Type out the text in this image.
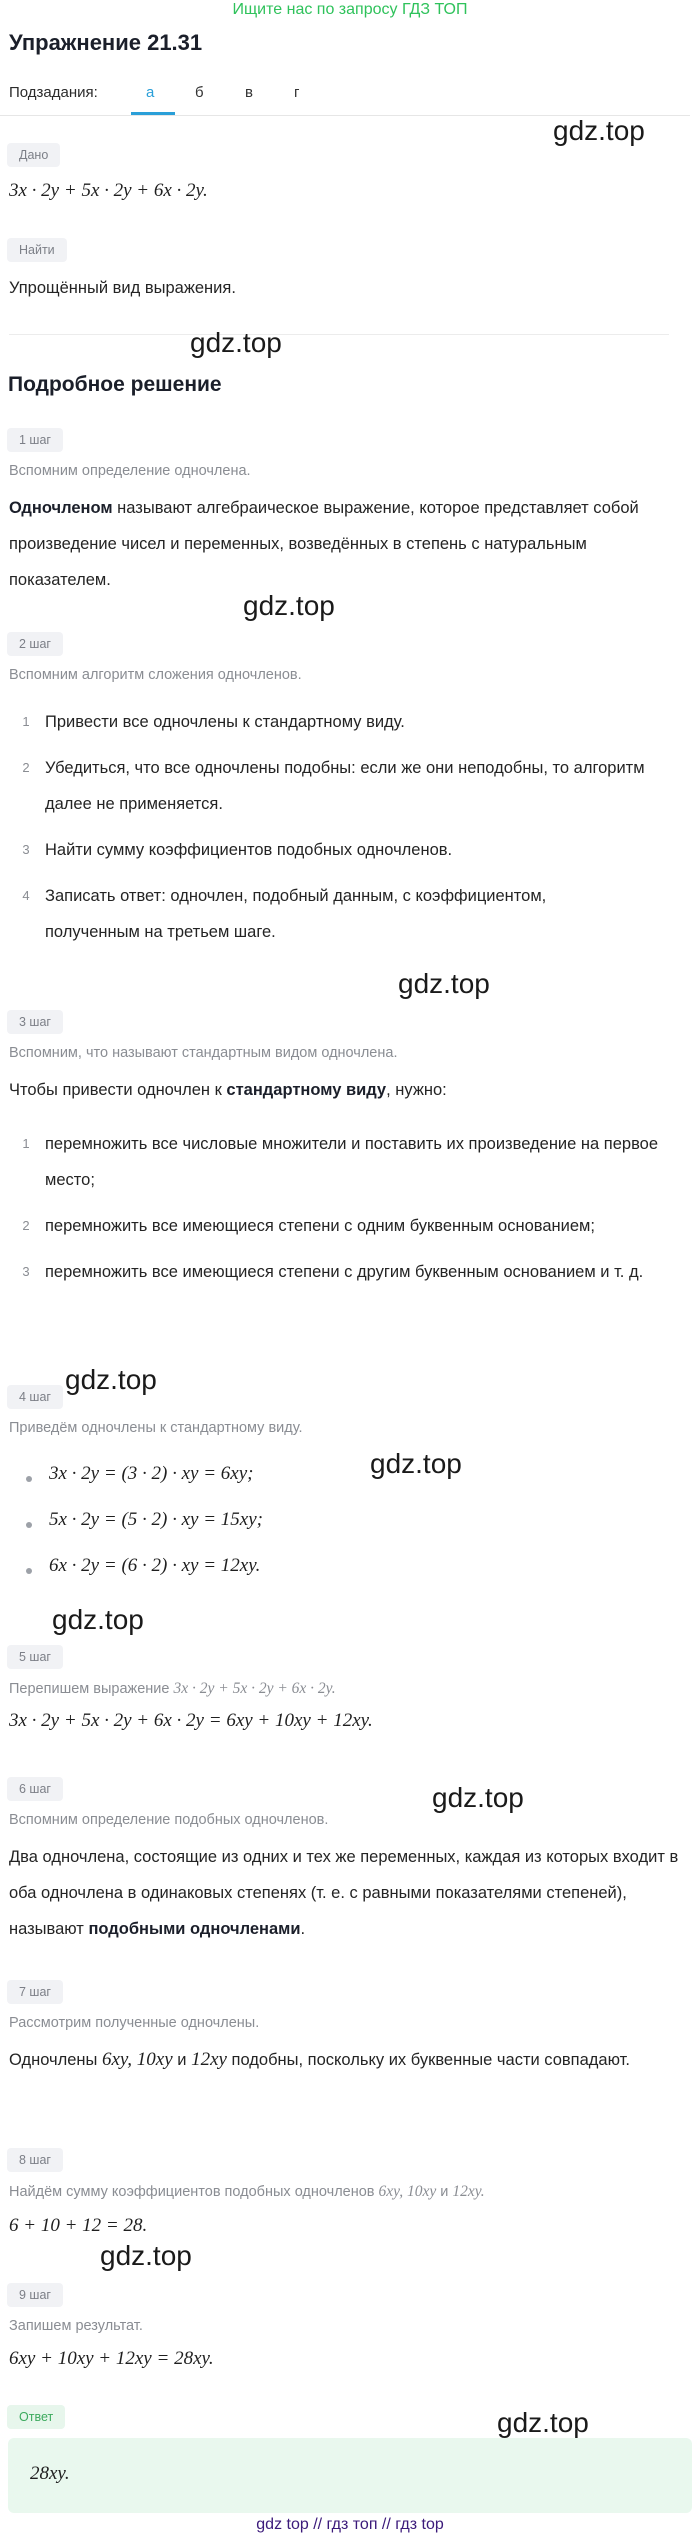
Ищите нас по запросу ГДЗ ТОП
Упражнение 21.31
Подзадания:	а	б	в	г
Дано
3x · 2y + 5x · 2y + 6x · 2y.
Найти
Упрощённый вид выражения.
gdz.top
gdz.top
Подробное решение
1 шаг
Вспомним определение одночлена.
Одночленом называют алгебраическое выражение, которое представляет собой произведение чисел и переменных, возведённых в степень с натуральным показателем.
gdz.top
2 шаг
Вспомним алгоритм сложения одночленов.
1 Привести все одночлены к стандартному виду.
2 Убедиться, что все одночлены подобны: если же они неподобны, то алгоритм далее не применяется.
3 Найти сумму коэффициентов подобных одночленов.
4 Записать ответ: одночлен, подобный данным, с коэффициентом, полученным на третьем шаге.
gdz.top
3 шаг
Вспомним, что называют стандартным видом одночлена.
Чтобы привести одночлен к стандартному виду, нужно:
1 перемножить все числовые множители и поставить их произведение на первое место;
2 перемножить все имеющиеся степени с одним буквенным основанием;
3 перемножить все имеющиеся степени с другим буквенным основанием и т. д.
gdz.top
4 шаг
Приведём одночлены к стандартному виду.
gdz.top
3x · 2y = (3 · 2) · xy = 6xy;
5x · 2y = (5 · 2) · xy = 15xy;
6x · 2y = (6 · 2) · xy = 12xy.
gdz.top
5 шаг
Перепишем выражение 3x · 2y + 5x · 2y + 6x · 2y.
3x · 2y + 5x · 2y + 6x · 2y = 6xy + 10xy + 12xy.
gdz.top
6 шаг
Вспомним определение подобных одночленов.
Два одночлена, состоящие из одних и тех же переменных, каждая из которых входит в оба одночлена в одинаковых степенях (т. е. с равными показателями степеней), называют подобными одночленами.
7 шаг
Рассмотрим полученные одночлены.
Одночлены 6xy, 10xy и 12xy подобны, поскольку их буквенные части совпадают.
8 шаг
Найдём сумму коэффициентов подобных одночленов 6xy, 10xy и 12xy.
6 + 10 + 12 = 28.
gdz.top
9 шаг
Запишем результат.
6xy + 10xy + 12xy = 28xy.
Ответ	gdz.top
28xy.
gdz top // гдз топ // гдз top
